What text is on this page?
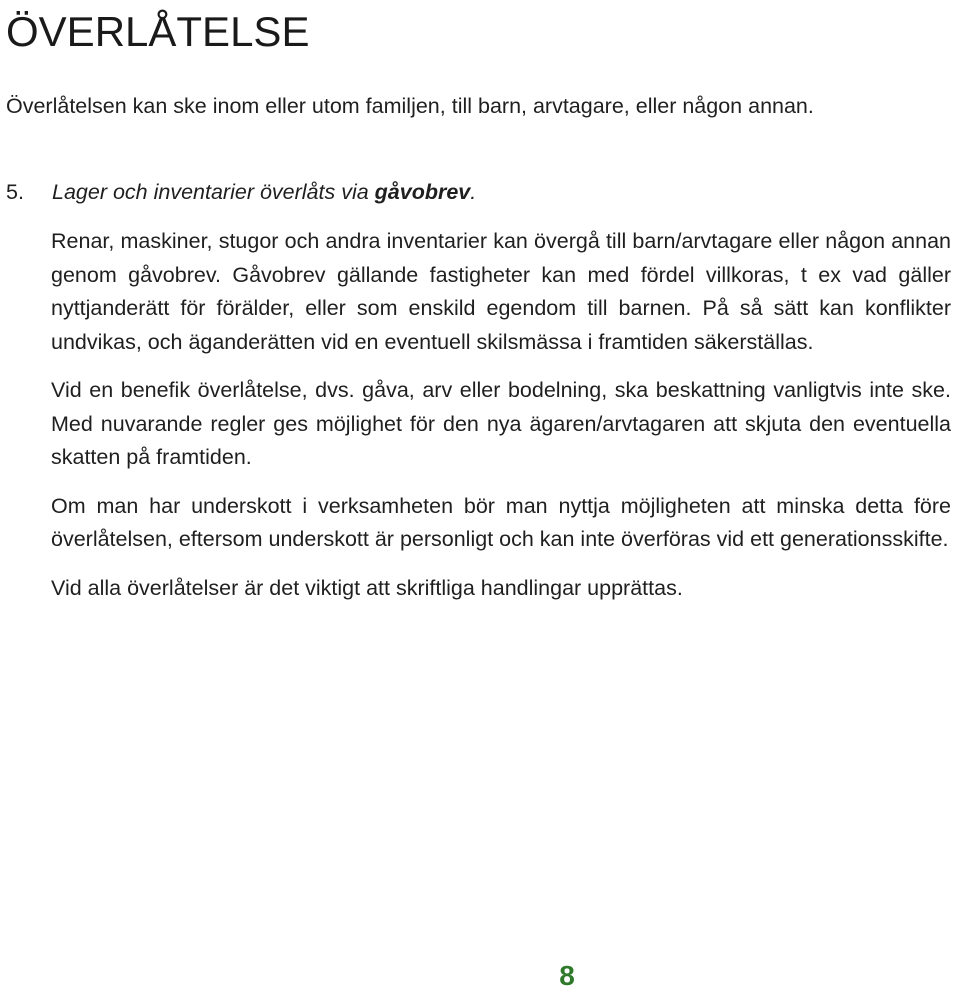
ÖVERLÅTELSE

Överlåtelsen kan ske inom eller utom familjen, till barn, arvtagare, eller någon annan.

5. Lager och inventarier överlåts via gåvobrev.

Renar, maskiner, stugor och andra inventarier kan övergå till barn/arvtagare eller någon annan genom gåvobrev. Gåvobrev gällande fastigheter kan med fördel villkoras, t ex vad gäller nyttjanderätt för förälder, eller som enskild egendom till barnen. På så sätt kan konflikter undvikas, och äganderätten vid en eventuell skilsmässa i framtiden säkerställas.

Vid en benefik överlåtelse, dvs. gåva, arv eller bodelning, ska beskattning vanligtvis inte ske. Med nuvarande regler ges möjlighet för den nya ägaren/arvtagaren att skjuta den eventuella skatten på framtiden.

Om man har underskott i verksamheten bör man nyttja möjligheten att minska detta före överlåtelsen, eftersom underskott är personligt och kan inte överföras vid ett generationsskifte.

Vid alla överlåtelser är det viktigt att skriftliga handlingar upprättas.

8
